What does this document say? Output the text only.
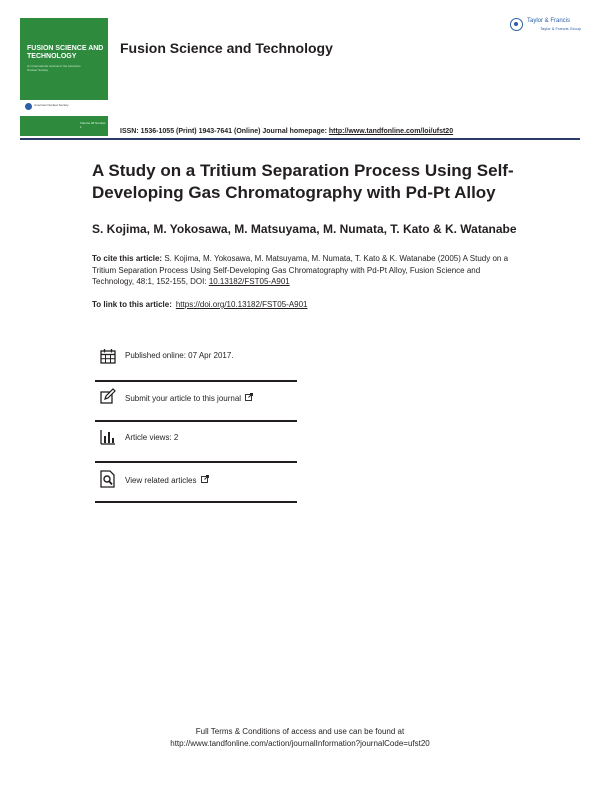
FUSION SCIENCE AND TECHNOLOGY
An International Journal of the American Nuclear Society
American Nuclear Society
Volume 48 Number 1
Fusion Science and Technology
Taylor & Francis
Taylor & Francis Group
ISSN: 1536-1055 (Print) 1943-7641 (Online) Journal homepage: http://www.tandfonline.com/loi/ufst20
A Study on a Tritium Separation Process Using Self-Developing Gas Chromatography with Pd-Pt Alloy
S. Kojima, M. Yokosawa, M. Matsuyama, M. Numata, T. Kato & K. Watanabe
To cite this article: S. Kojima, M. Yokosawa, M. Matsuyama, M. Numata, T. Kato & K. Watanabe (2005) A Study on a Tritium Separation Process Using Self-Developing Gas Chromatography with Pd-Pt Alloy, Fusion Science and Technology, 48:1, 152-155, DOI: 10.13182/FST05-A901
To link to this article: https://doi.org/10.13182/FST05-A901
Published online: 07 Apr 2017.
Submit your article to this journal
Article views: 2
View related articles
Full Terms & Conditions of access and use can be found at
http://www.tandfonline.com/action/journalInformation?journalCode=ufst20
